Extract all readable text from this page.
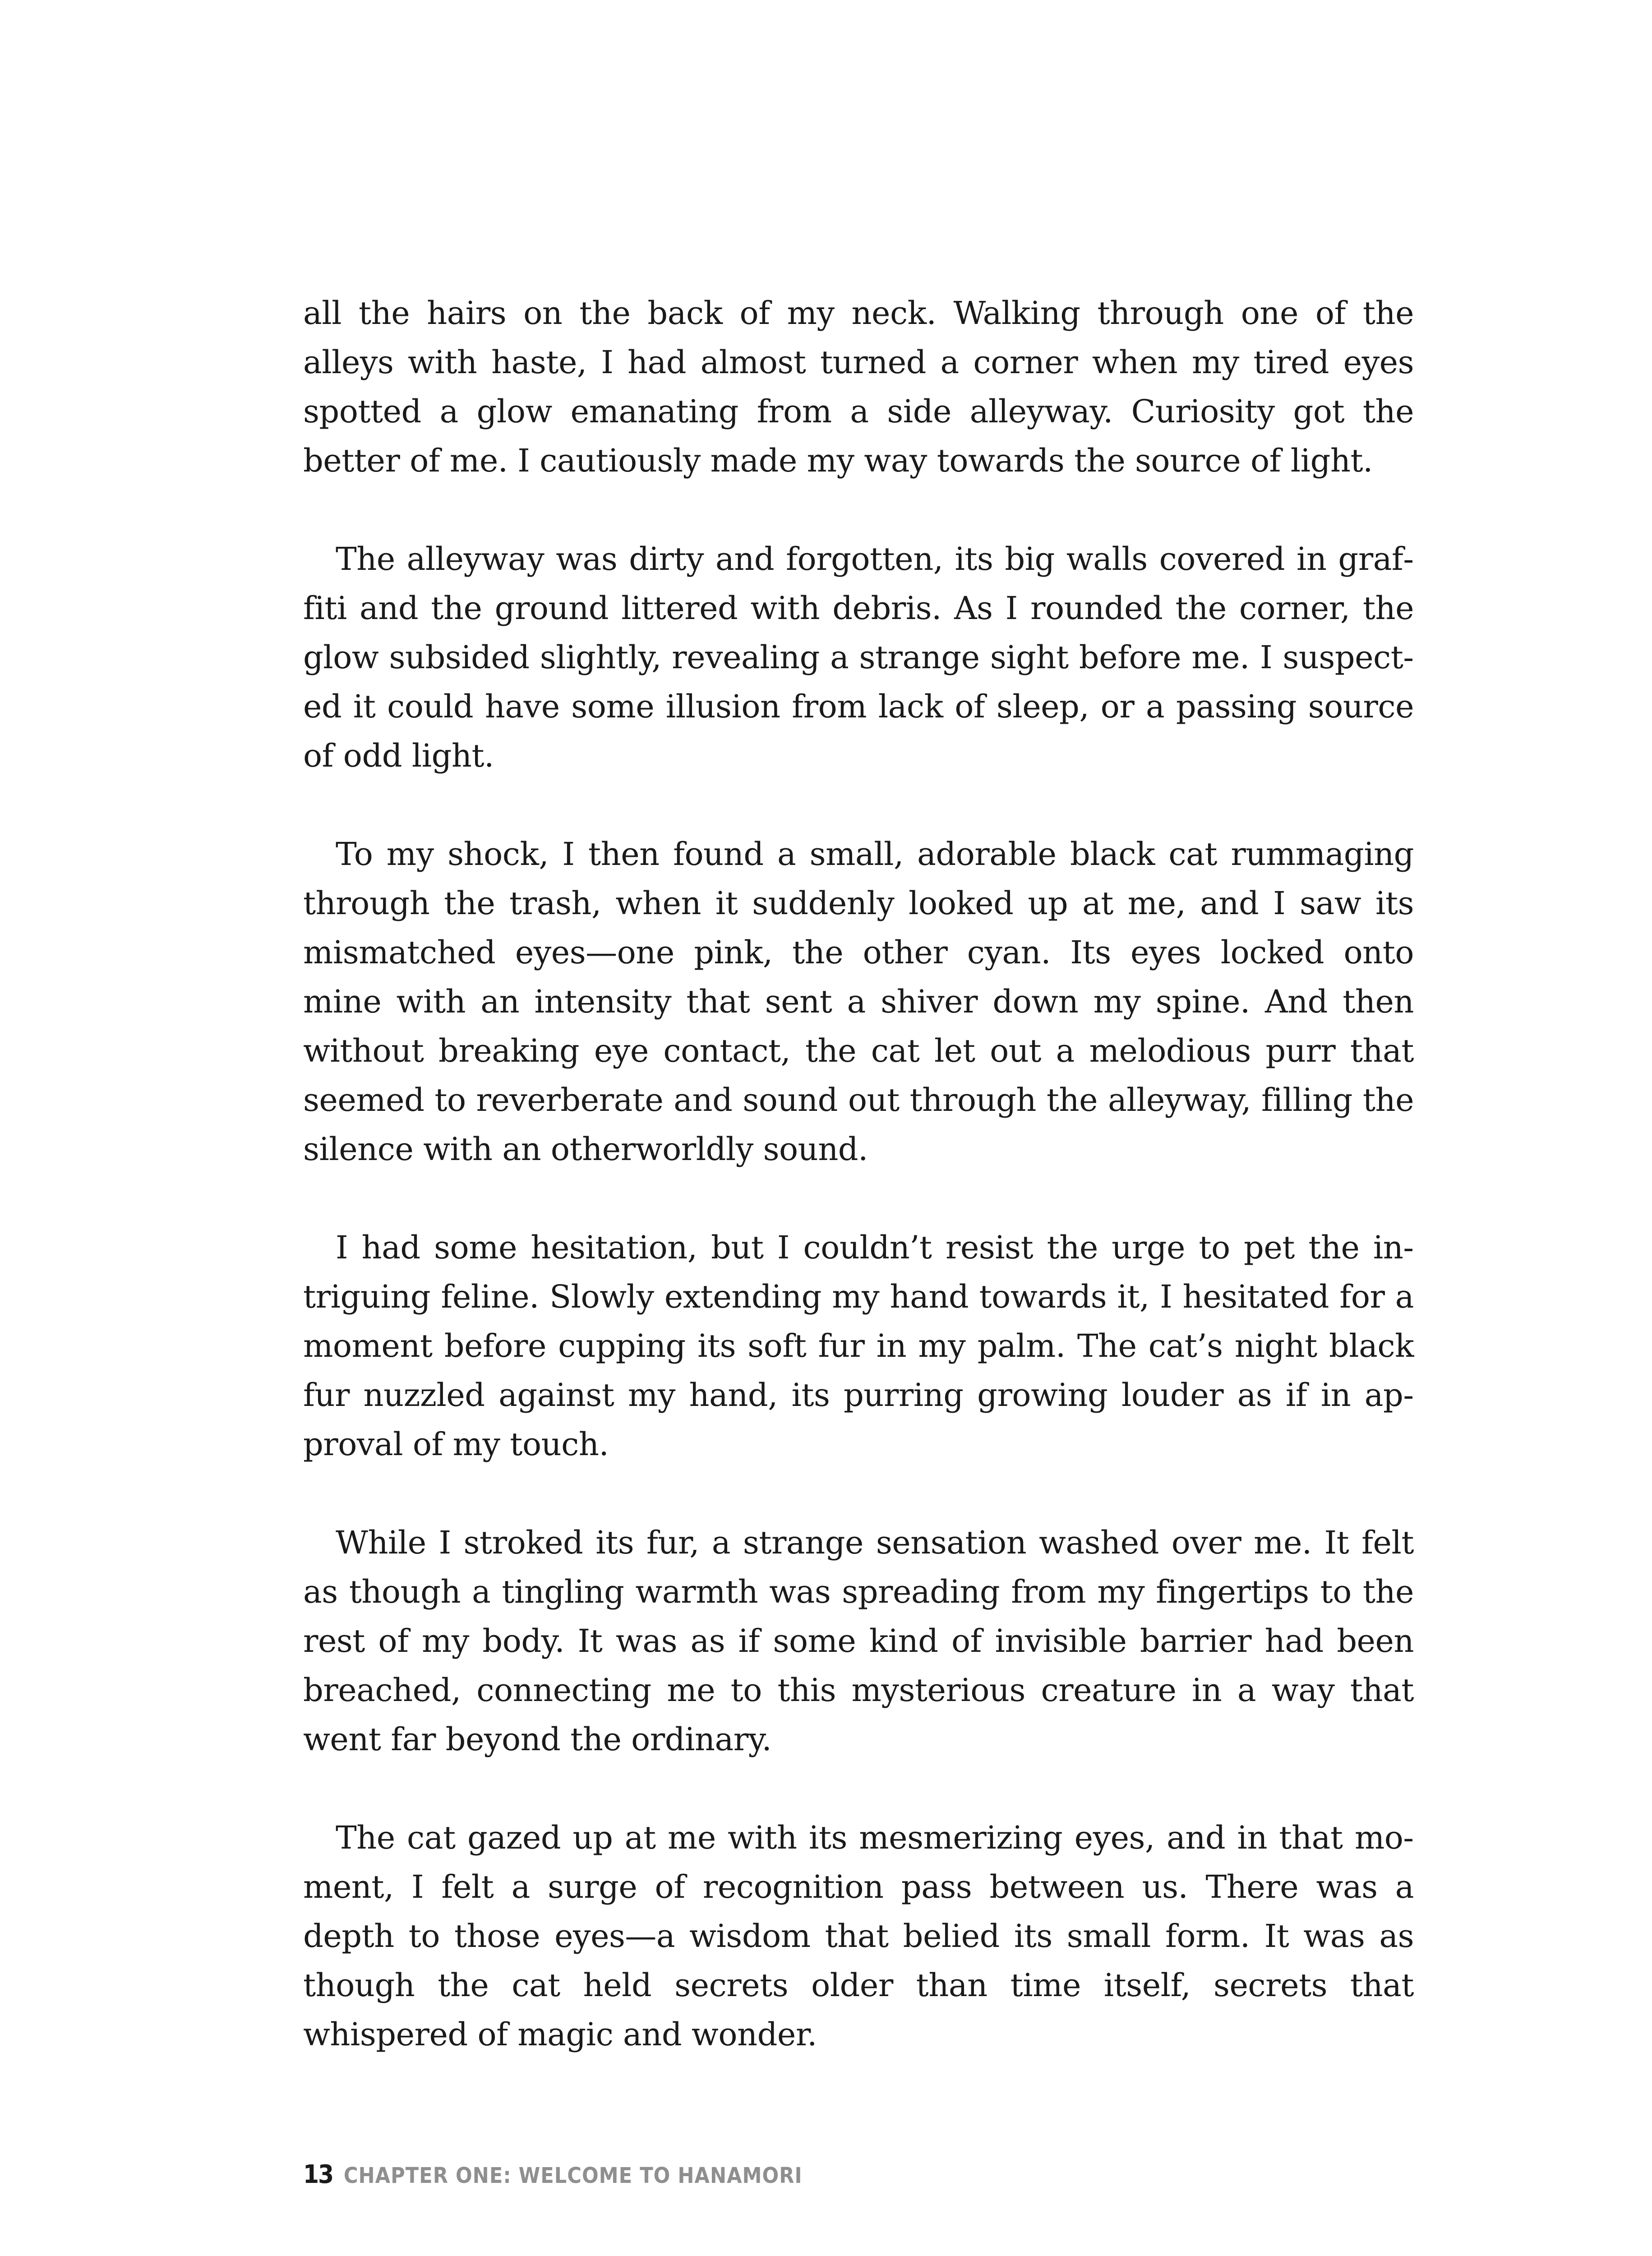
all the hairs on the back of my neck. Walking through one of the alleys with haste, I had almost turned a corner when my tired eyes spotted a glow emanating from a side alleyway. Curiosity got the better of me. I cautiously made my way towards the source of light.

The alleyway was dirty and forgotten, its big walls covered in graffiti and the ground littered with debris. As I rounded the corner, the glow subsided slightly, revealing a strange sight before me. I suspected it could have some illusion from lack of sleep, or a passing source of odd light.

To my shock, I then found a small, adorable black cat rummaging through the trash, when it suddenly looked up at me, and I saw its mismatched eyes—one pink, the other cyan. Its eyes locked onto mine with an intensity that sent a shiver down my spine. And then without breaking eye contact, the cat let out a melodious purr that seemed to reverberate and sound out through the alleyway, filling the silence with an otherworldly sound.

I had some hesitation, but I couldn’t resist the urge to pet the intriguing feline. Slowly extending my hand towards it, I hesitated for a moment before cupping its soft fur in my palm. The cat’s night black fur nuzzled against my hand, its purring growing louder as if in approval of my touch.

While I stroked its fur, a strange sensation washed over me. It felt as though a tingling warmth was spreading from my fingertips to the rest of my body. It was as if some kind of invisible barrier had been breached, connecting me to this mysterious creature in a way that went far beyond the ordinary.

The cat gazed up at me with its mesmerizing eyes, and in that moment, I felt a surge of recognition pass between us. There was a depth to those eyes—a wisdom that belied its small form. It was as though the cat held secrets older than time itself, secrets that whispered of magic and wonder.

13 CHAPTER ONE: WELCOME TO HANAMORI
